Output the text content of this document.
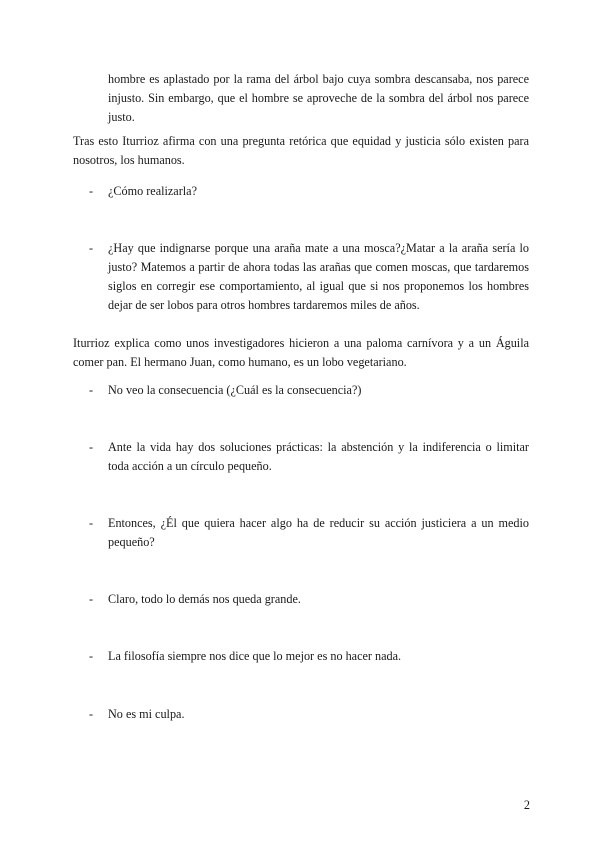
hombre es aplastado por la rama del árbol bajo cuya sombra descansaba, nos parece injusto. Sin embargo, que el hombre se aproveche de la sombra del árbol nos parece justo.
Tras esto Iturrioz afirma con una pregunta retórica que equidad y justicia sólo existen para nosotros, los humanos.
-	¿Cómo realizarla?
-	¿Hay que indignarse porque una araña mate a una mosca?¿Matar a la araña sería lo justo? Matemos a partir de ahora todas las arañas que comen moscas, que tardaremos siglos en corregir ese comportamiento, al igual que si nos proponemos los hombres dejar de ser lobos para otros hombres tardaremos miles de años.
Iturrioz explica como unos investigadores hicieron a una paloma carnívora y a un Águila comer pan. El hermano Juan, como humano, es un lobo vegetariano.
-	No veo la consecuencia (¿Cuál es la consecuencia?)
-	Ante la vida hay dos soluciones prácticas: la abstención y la indiferencia o limitar toda acción a un círculo pequeño.
-	Entonces, ¿Él que quiera hacer algo ha de reducir su acción justiciera a un medio pequeño?
-	Claro, todo lo demás nos queda grande.
-	La filosofía siempre nos dice que lo mejor es no hacer nada.
-	No es mi culpa.
2
